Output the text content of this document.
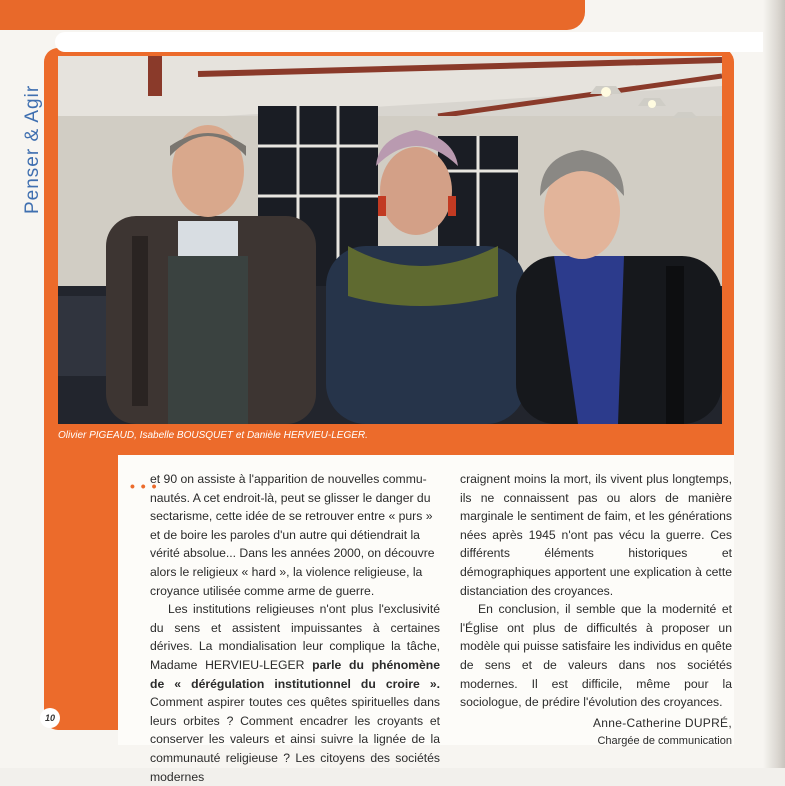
Penser & Agir
Olivier PIGEAUD, Isabelle BOUSQUET et Danièle HERVIEU-LEGER.
• • •

et 90 on assiste à l'apparition de nouvelles commu-
nautés. A cet endroit-là, peut se glisser le danger du
sectarisme, cette idée de se retrouver entre « purs »
et de boire les paroles d'un autre qui détiendrait la
vérité absolue... Dans les années 2000, on découvre
alors le religieux « hard », la violence religieuse, la
croyance utilisée comme arme de guerre.

Les institutions religieuses n'ont plus l'exclusivité du sens et assistent impuissantes à certaines dérives. La mondialisation leur complique la tâche, Madame HERVIEU-LEGER parle du phénomène de « dérégulation institutionnel du croire ». Comment aspirer toutes ces quêtes spirituelles dans leurs orbites ? Comment encadrer les croyants et conserver les valeurs et ainsi suivre la lignée de la communauté religieuse ? Les citoyens des sociétés modernes

craignent moins la mort, ils vivent plus longtemps, ils ne connaissent pas ou alors de manière marginale le sentiment de faim, et les générations nées après 1945 n'ont pas vécu la guerre. Ces différents éléments historiques et démographiques apportent une explication à cette distanciation des croyances.

En conclusion, il semble que la modernité et l'Église ont plus de difficultés à proposer un modèle qui puisse satisfaire les individus en quête de sens et de valeurs dans nos sociétés modernes. Il est difficile, même pour la sociologue, de prédire l'évolution des croyances.

Anne-Catherine DUPRÉ,
Chargée de communication
10
